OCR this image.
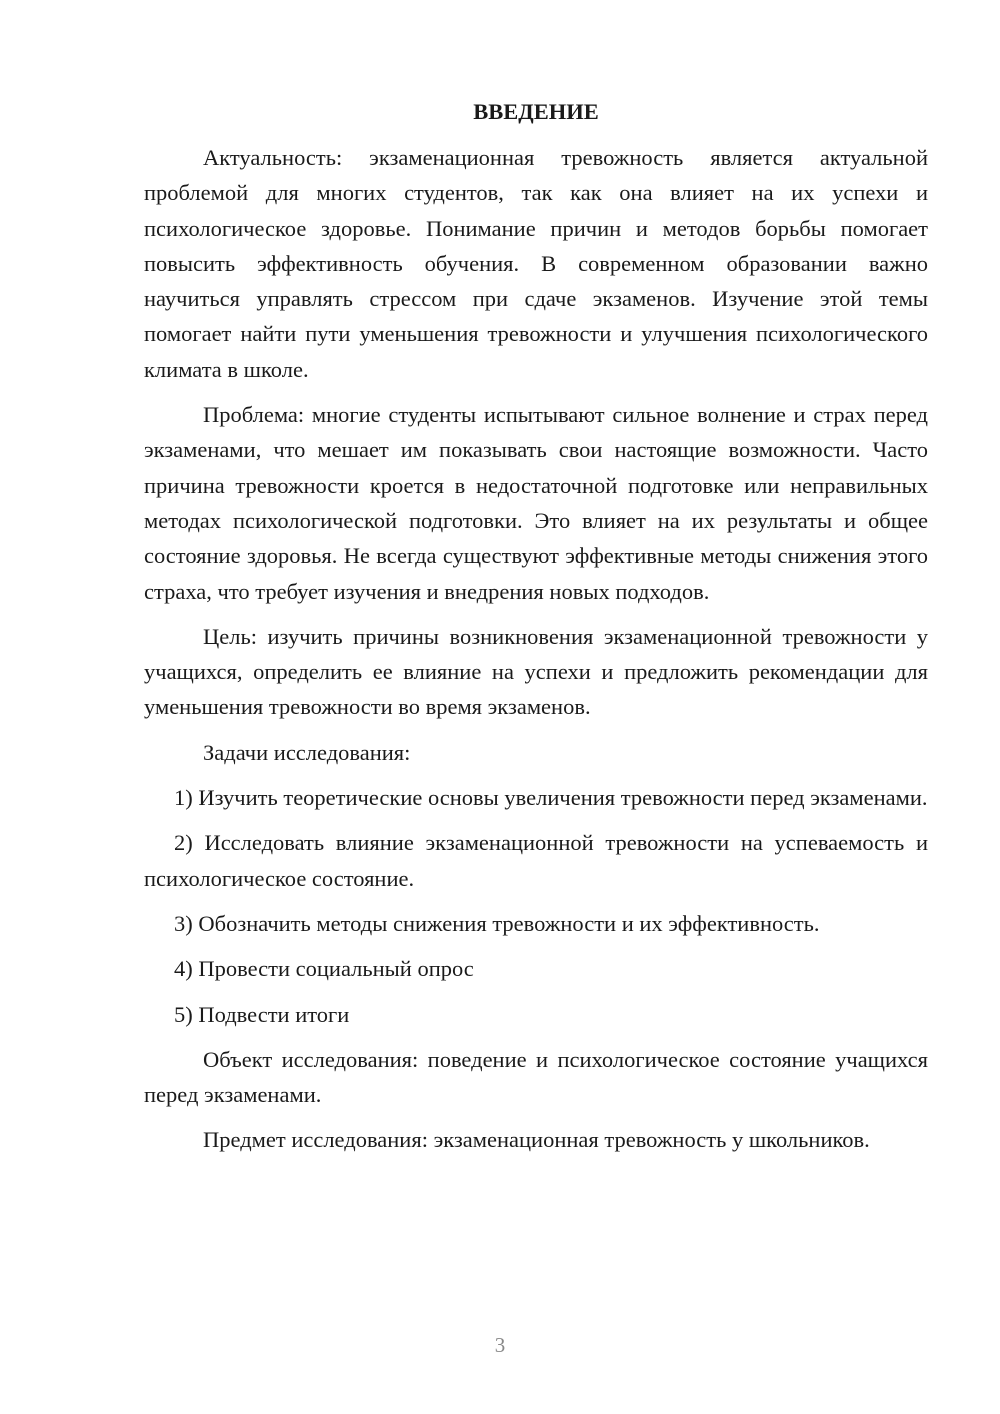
ВВЕДЕНИЕ

Актуальность: экзаменационная тревожность является актуальной проблемой для многих студентов, так как она влияет на их успехи и психологическое здоровье. Понимание причин и методов борьбы помогает повысить эффективность обучения. В современном образовании важно научиться управлять стрессом при сдаче экзаменов. Изучение этой темы помогает найти пути уменьшения тревожности и улучшения психологического климата в школе.

Проблема: многие студенты испытывают сильное волнение и страх перед экзаменами, что мешает им показывать свои настоящие возможности. Часто причина тревожности кроется в недостаточной подготовке или неправильных методах психологической подготовки. Это влияет на их результаты и общее состояние здоровья. Не всегда существуют эффективные методы снижения этого страха, что требует изучения и внедрения новых подходов.

Цель: изучить причины возникновения экзаменационной тревожности у учащихся, определить ее влияние на успехи и предложить рекомендации для уменьшения тревожности во время экзаменов.

Задачи исследования:

1) Изучить теоретические основы увеличения тревожности перед экзаменами.

2) Исследовать влияние экзаменационной тревожности на успеваемость и психологическое состояние.

3) Обозначить методы снижения тревожности и их эффективность.

4) Провести социальный опрос

5) Подвести итоги

Объект исследования: поведение и психологическое состояние учащихся перед экзаменами.

Предмет исследования: экзаменационная тревожность у школьников.

3
